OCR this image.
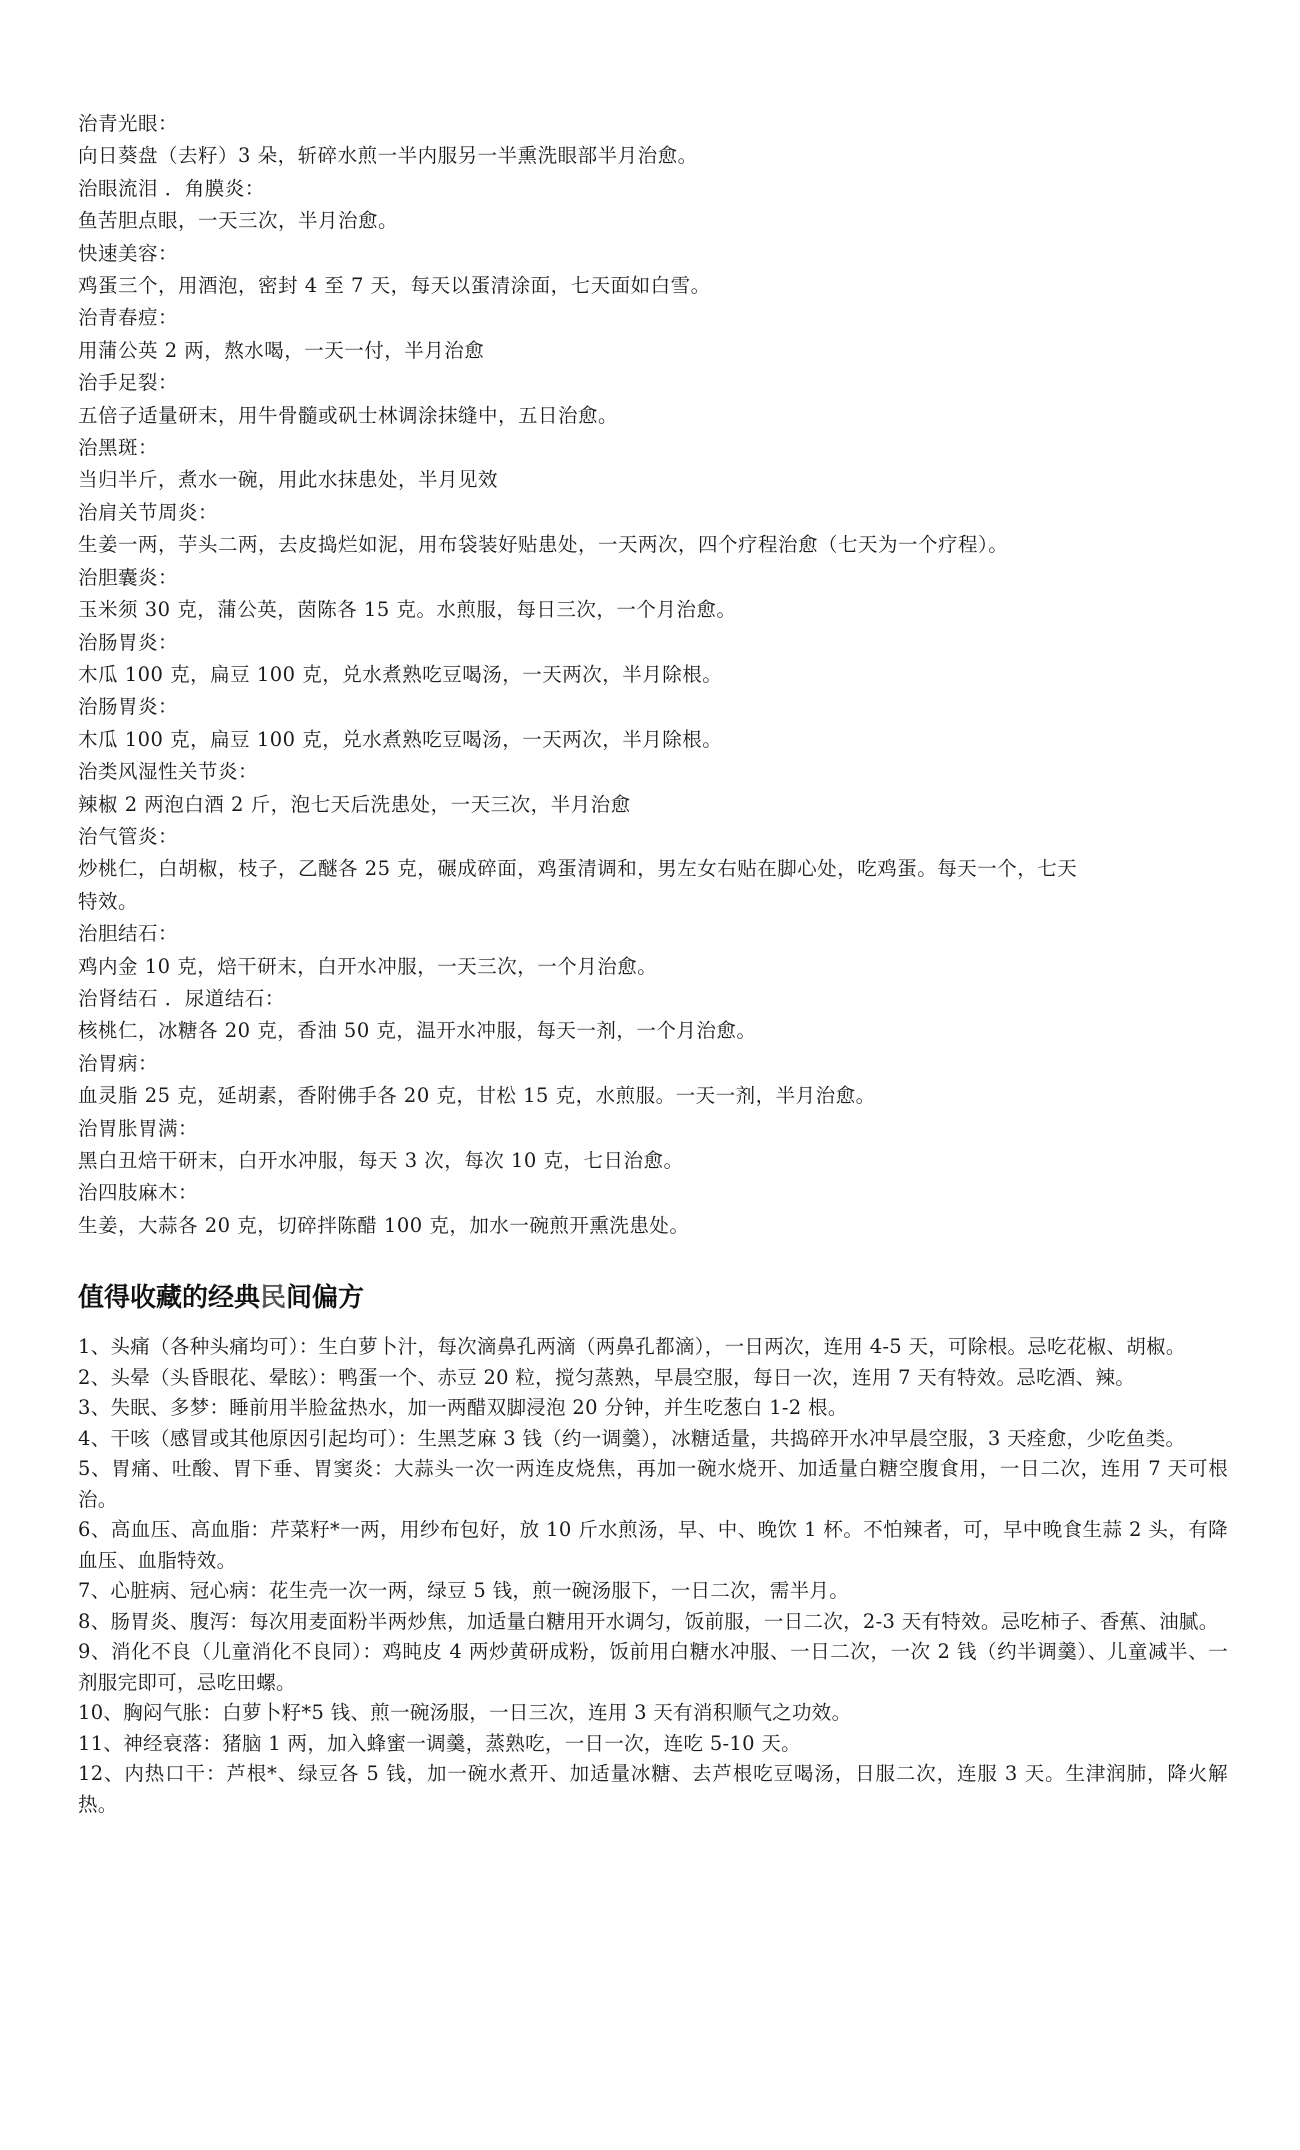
治青光眼：
向日葵盘（去籽）3 朵，斩碎水煎一半内服另一半熏洗眼部半月治愈。
治眼流泪 ．角膜炎：
鱼苦胆点眼，一天三次，半月治愈。
快速美容：
鸡蛋三个，用酒泡，密封 4 至 7 天，每天以蛋清涂面，七天面如白雪。
治青春痘：
用蒲公英 2 两，熬水喝，一天一付，半月治愈
治手足裂：
五倍子适量研末，用牛骨髓或矾士林调涂抹缝中，五日治愈。
治黑斑：
当归半斤，煮水一碗，用此水抹患处，半月见效
治肩关节周炎：
生姜一两，芋头二两，去皮捣烂如泥，用布袋装好贴患处，一天两次，四个疗程治愈（七天为一个疗程）。
治胆囊炎：
玉米须 30 克，蒲公英，茵陈各 15 克。水煎服，每日三次，一个月治愈。
治肠胃炎：
木瓜 100 克，扁豆 100 克，兑水煮熟吃豆喝汤，一天两次，半月除根。
治肠胃炎：
木瓜 100 克，扁豆 100 克，兑水煮熟吃豆喝汤，一天两次，半月除根。
治类风湿性关节炎：
辣椒 2 两泡白酒 2 斤，泡七天后洗患处，一天三次，半月治愈
治气管炎：
炒桃仁，白胡椒，枝子，乙醚各 25 克，碾成碎面，鸡蛋清调和，男左女右贴在脚心处，吃鸡蛋。每天一个，七天特效。
治胆结石：
鸡内金 10 克，焙干研末，白开水冲服，一天三次，一个月治愈。
治肾结石 ．尿道结石：
核桃仁，冰糖各 20 克，香油 50 克，温开水冲服，每天一剂，一个月治愈。
治胃病：
血灵脂 25 克，延胡素，香附佛手各 20 克，甘松 15 克，水煎服。一天一剂，半月治愈。
治胃胀胃满：
黑白丑焙干研末，白开水冲服，每天 3 次，每次 10 克，七日治愈。
治四肢麻木：
生姜，大蒜各 20 克，切碎拌陈醋 100 克，加水一碗煎开熏洗患处。
值得收藏的经典民间偏方
1、头痛（各种头痛均可）：生白萝卜汁，每次滴鼻孔两滴（两鼻孔都滴），一日两次，连用 4-5 天，可除根。忌吃花椒、胡椒。
2、头晕（头昏眼花、晕眩）：鸭蛋一个、赤豆 20 粒，搅匀蒸熟，早晨空服，每日一次，连用 7 天有特效。忌吃酒、辣。
3、失眠、多梦：睡前用半脸盆热水，加一两醋双脚浸泡 20 分钟，并生吃葱白 1-2 根。
4、干咳（感冒或其他原因引起均可）：生黑芝麻 3 钱（约一调羹），冰糖适量，共捣碎开水冲早晨空服，3 天痊愈，少吃鱼类。
5、胃痛、吐酸、胃下垂、胃窦炎：大蒜头一次一两连皮烧焦，再加一碗水烧开、加适量白糖空腹食用，一日二次，连用 7 天可根治。
6、高血压、高血脂：芹菜籽*一两，用纱布包好，放 10 斤水煎汤，早、中、晚饮 1 杯。不怕辣者，可，早中晚食生蒜 2 头，有降血压、血脂特效。
7、心脏病、冠心病：花生壳一次一两，绿豆 5 钱，煎一碗汤服下，一日二次，需半月。
8、肠胃炎、腹泻：每次用麦面粉半两炒焦，加适量白糖用开水调匀，饭前服，一日二次，2-3 天有特效。忌吃柿子、香蕉、油腻。
9、消化不良（儿童消化不良同）：鸡盹皮 4 两炒黄研成粉，饭前用白糖水冲服、一日二次，一次 2 钱（约半调羹）、儿童减半、一剂服完即可，忌吃田螺。
10、胸闷气胀：白萝卜籽*5 钱、煎一碗汤服，一日三次，连用 3 天有消积顺气之功效。
11、神经衰落：猪脑 1 两，加入蜂蜜一调羹，蒸熟吃，一日一次，连吃 5-10 天。
12、内热口干：芦根*、绿豆各 5 钱，加一碗水煮开、加适量冰糖、去芦根吃豆喝汤，日服二次，连服 3 天。生津润肺，降火解热。
